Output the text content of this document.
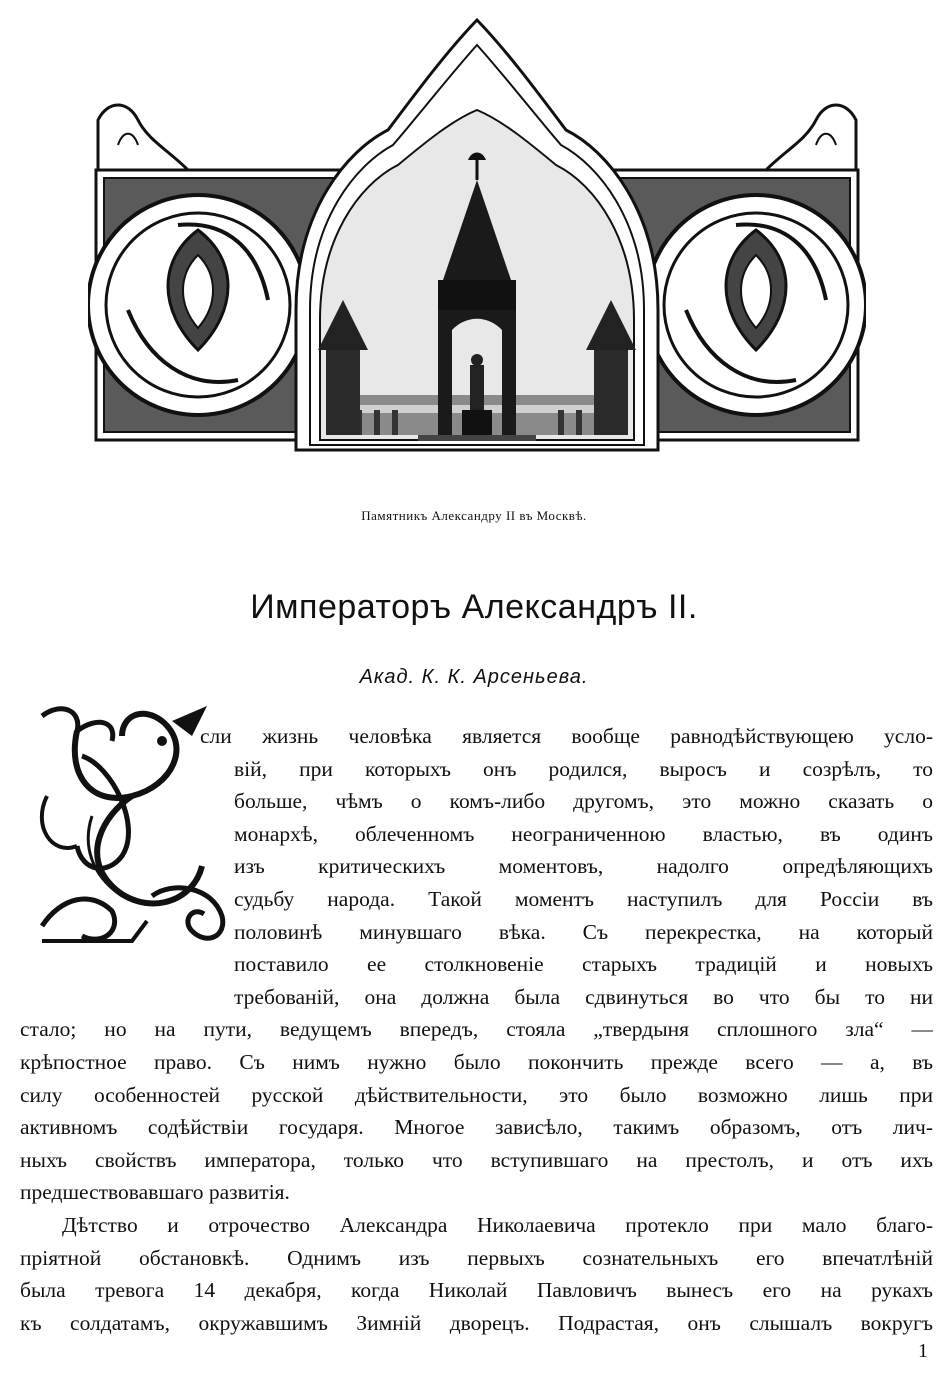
Памятникъ Александру II въ Москвѣ.
Императоръ Александръ II.
Акад. К. К. Арсеньева.
сли жизнь человѣка является вообще равнодѣйствующею усло-
вій, при которыхъ онъ родился, выросъ и созрѣлъ, то
больше, чѣмъ о комъ-либо другомъ, это можно сказать о
монархѣ, облеченномъ неограниченною властью, въ одинъ
изъ критическихъ моментовъ, надолго опредѣляющихъ
судьбу народа. Такой моментъ наступилъ для Россіи въ
половинѣ минувшаго вѣка. Съ перекрестка, на который
поставило ее столкновеніе старыхъ традицій и новыхъ
требованій, она должна была сдвинуться во что бы то ни
стало; но на пути, ведущемъ впередъ, стояла „твердыня сплошного зла“ —
крѣпостное право. Съ нимъ нужно было покончить прежде всего — а, въ
силу особенностей русской дѣйствительности, это было возможно лишь при
активномъ содѣйствіи государя. Многое зависѣло, такимъ образомъ, отъ лич-
ныхъ свойствъ императора, только что вступившаго на престолъ, и отъ ихъ
предшествовавшаго развитія.
Дѣтство и отрочество Александра Николаевича протекло при мало благо-
пріятной обстановкѣ. Однимъ изъ первыхъ сознательныхъ его впечатлѣній
была тревога 14 декабря, когда Николай Павловичъ вынесъ его на рукахъ
къ солдатамъ, окружавшимъ Зимній дворецъ. Подрастая, онъ слышалъ вокругъ
1
